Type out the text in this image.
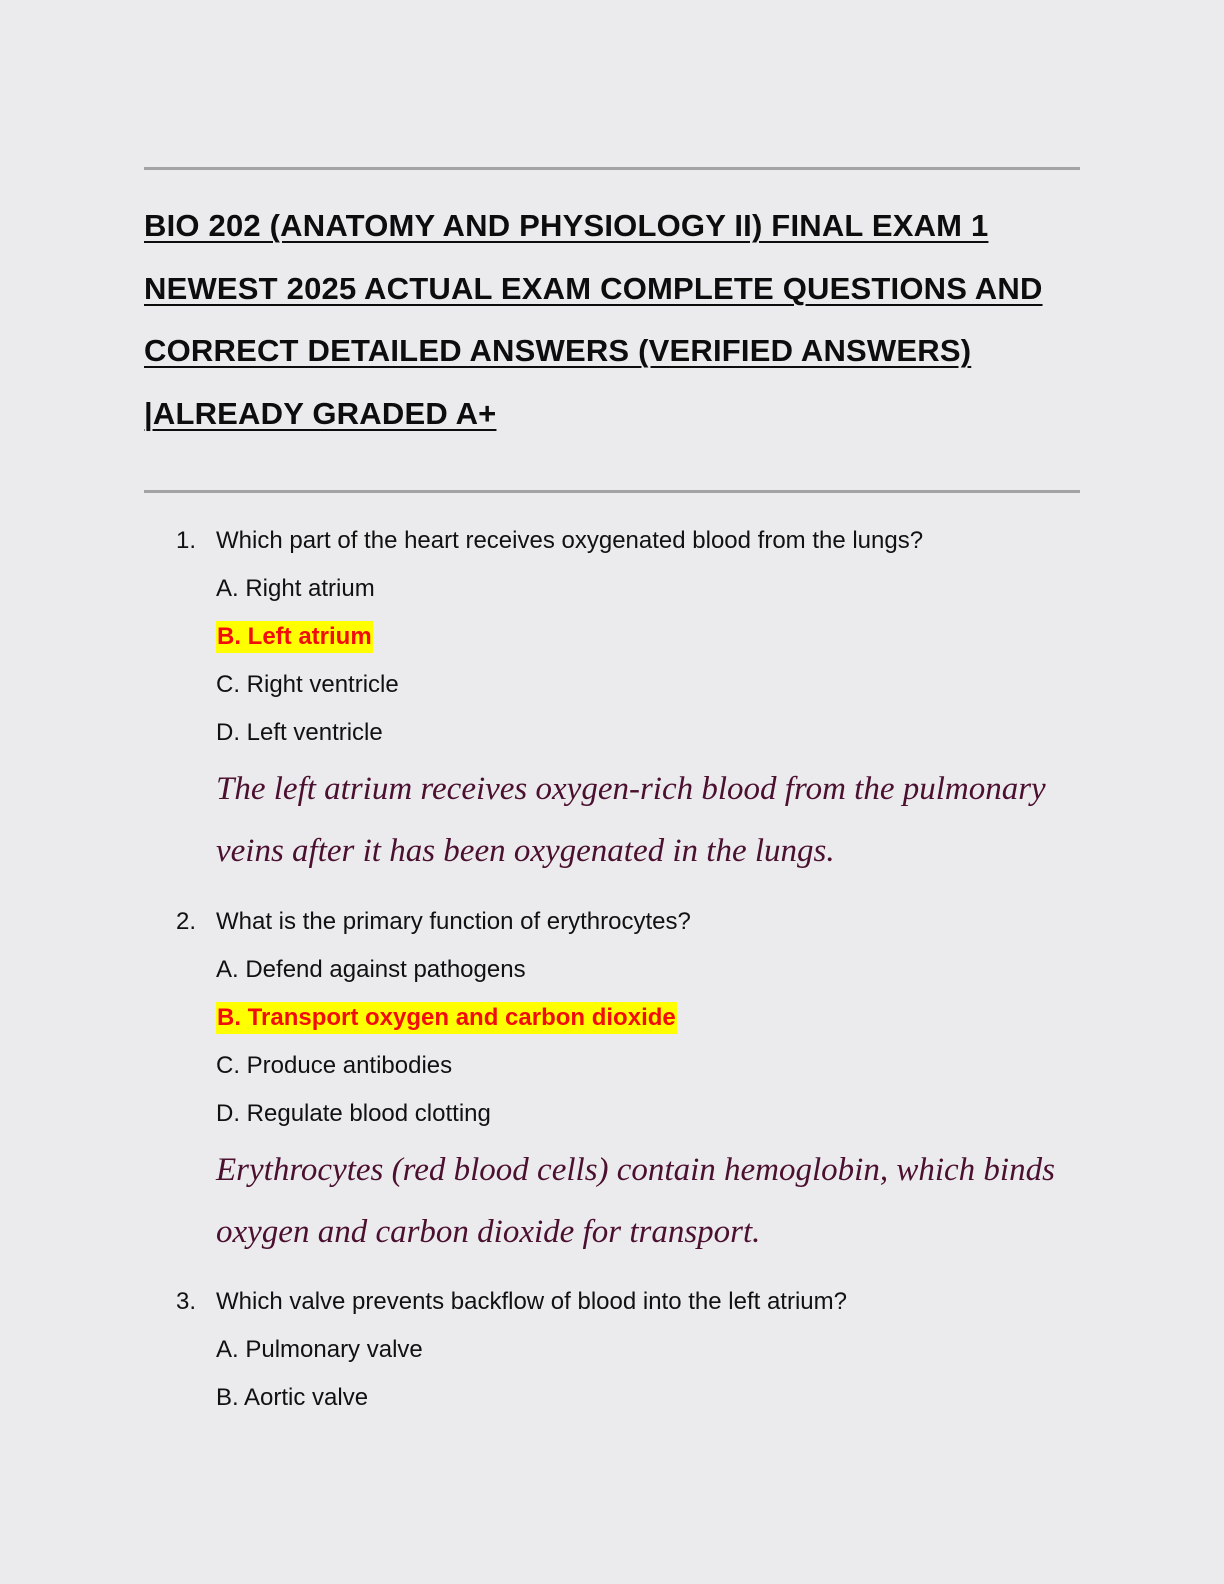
BIO 202 (ANATOMY AND PHYSIOLOGY II) FINAL EXAM 1 NEWEST 2025 ACTUAL EXAM COMPLETE QUESTIONS AND CORRECT DETAILED ANSWERS (VERIFIED ANSWERS) |ALREADY GRADED A+
1. Which part of the heart receives oxygenated blood from the lungs?
A. Right atrium
B. Left atrium
C. Right ventricle
D. Left ventricle
The left atrium receives oxygen-rich blood from the pulmonary veins after it has been oxygenated in the lungs.
2. What is the primary function of erythrocytes?
A. Defend against pathogens
B. Transport oxygen and carbon dioxide
C. Produce antibodies
D. Regulate blood clotting
Erythrocytes (red blood cells) contain hemoglobin, which binds oxygen and carbon dioxide for transport.
3. Which valve prevents backflow of blood into the left atrium?
A. Pulmonary valve
B. Aortic valve
